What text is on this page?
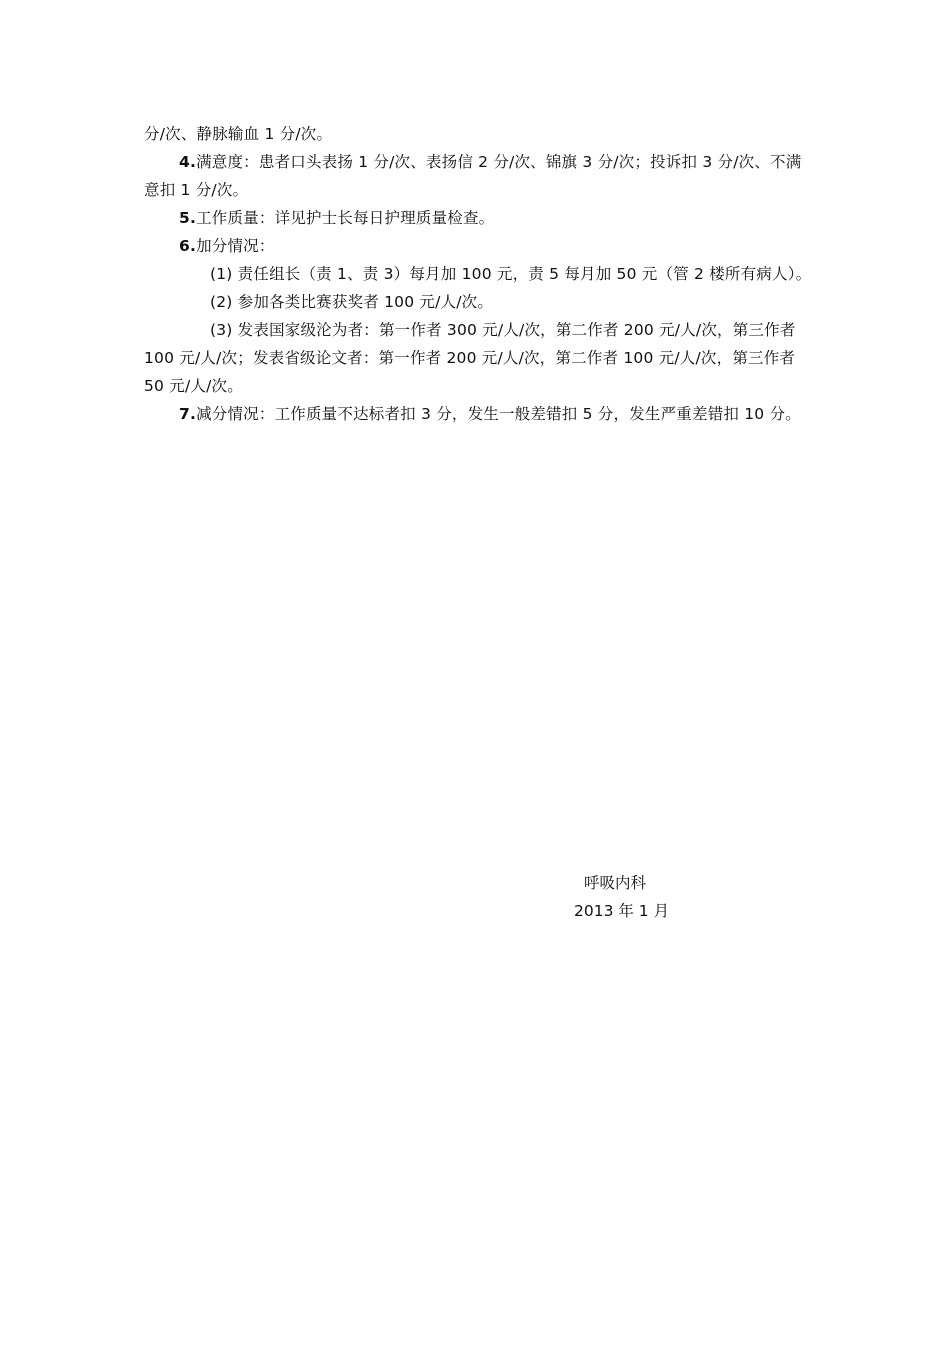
分/次、静脉输血 1 分/次。

4.满意度：患者口头表扬 1 分/次、表扬信 2 分/次、锦旗 3 分/次；投诉扣 3 分/次、不满意扣 1 分/次。

5.工作质量：详见护士长每日护理质量检查。

6.加分情况：

(1) 责任组长（责 1、责 3）每月加 100 元，责 5 每月加 50 元（管 2 楼所有病人）。

(2) 参加各类比赛获奖者 100 元/人/次。

(3) 发表国家级沦为者：第一作者 300 元/人/次，第二作者 200 元/人/次，第三作者 100 元/人/次；发表省级论文者：第一作者 200 元/人/次，第二作者 100 元/人/次，第三作者 50 元/人/次。

7.减分情况：工作质量不达标者扣 3 分，发生一般差错扣 5 分，发生严重差错扣 10 分。

呼吸内科
2013 年 1 月
